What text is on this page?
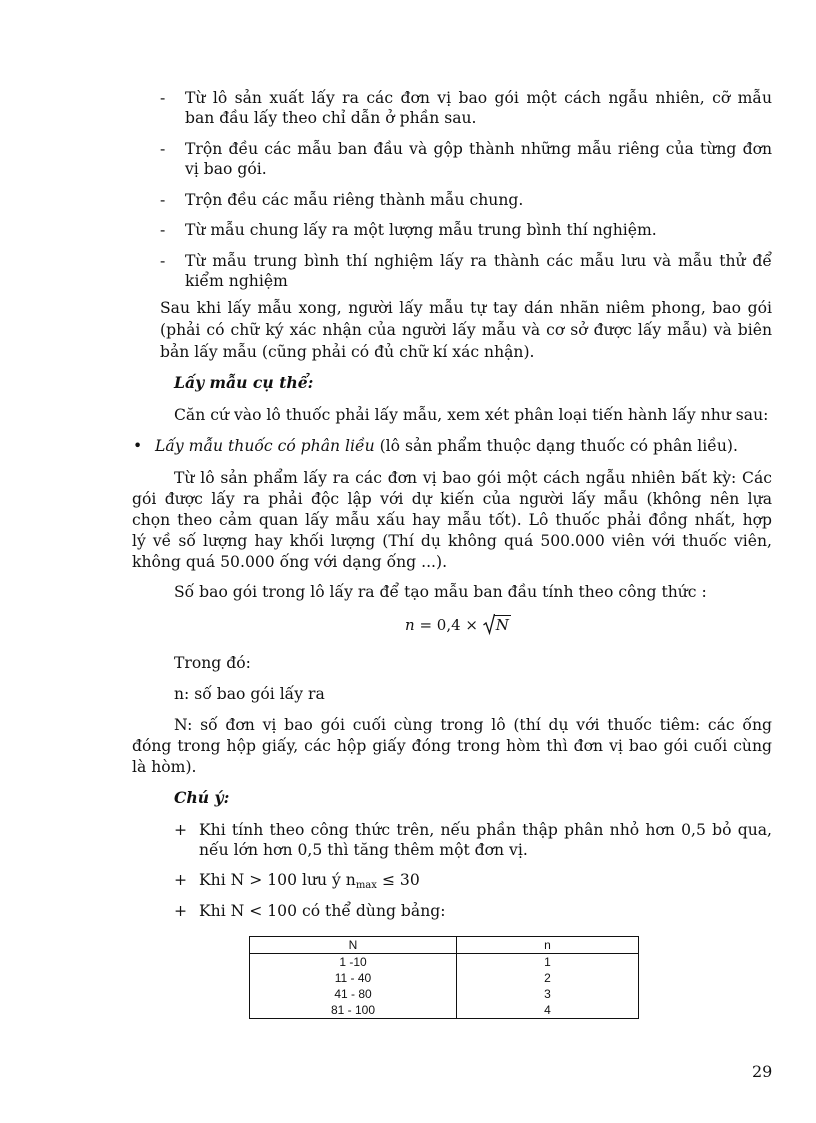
- Từ lô sản xuất lấy ra các đơn vị bao gói một cách ngẫu nhiên, cỡ mẫu
ban đầu lấy theo chỉ dẫn ở phần sau.
- Trộn đều các mẫu ban đầu và gộp thành những mẫu riêng của từng đơn
vị bao gói.
- Trộn đều các mẫu riêng thành mẫu chung.
- Từ mẫu chung lấy ra một lượng mẫu trung bình thí nghiệm.
- Từ mẫu trung bình thí nghiệm lấy ra thành các mẫu lưu và mẫu thử để
kiểm nghiệm
Sau khi lấy mẫu xong, người lấy mẫu tự tay dán nhãn niêm phong, bao gói
(phải có chữ ký xác nhận của người lấy mẫu và cơ sở được lấy mẫu) và biên
bản lấy mẫu (cũng phải có đủ chữ kí xác nhận).
Lấy mẫu cụ thể:
Căn cứ vào lô thuốc phải lấy mẫu, xem xét phân loại tiến hành lấy như sau:
• Lấy mẫu thuốc có phân liều (lô sản phẩm thuộc dạng thuốc có phân liều).
Từ lô sản phẩm lấy ra các đơn vị bao gói một cách ngẫu nhiên bất kỳ: Các
gói được lấy ra phải độc lập với dự kiến của người lấy mẫu (không nên lựa
chọn theo cảm quan lấy mẫu xấu hay mẫu tốt). Lô thuốc phải đồng nhất, hợp
lý về số lượng hay khối lượng (Thí dụ không quá 500.000 viên với thuốc viên,
không quá 50.000 ống với dạng ống ...).
Số bao gói trong lô lấy ra để tạo mẫu ban đầu tính theo công thức :
n = 0,4 ×
N
Trong đó:
n: số bao gói lấy ra
N: số đơn vị bao gói cuối cùng trong lô (thí dụ với thuốc tiêm: các ống
đóng trong hộp giấy, các hộp giấy đóng trong hòm thì đơn vị bao gói cuối cùng
là hòm).
Chú ý:
+ Khi tính theo công thức trên, nếu phần thập phân nhỏ hơn 0,5 bỏ qua,
nếu lớn hơn 0,5 thì tăng thêm một đơn vị.
+ Khi N > 100 lưu ý $n_{max} \le 30$
+ Khi N < 100 có thể dùng bảng:
N	n
1 -10	1
11 - 40	2
41 - 80	3
81 - 100	4
29
